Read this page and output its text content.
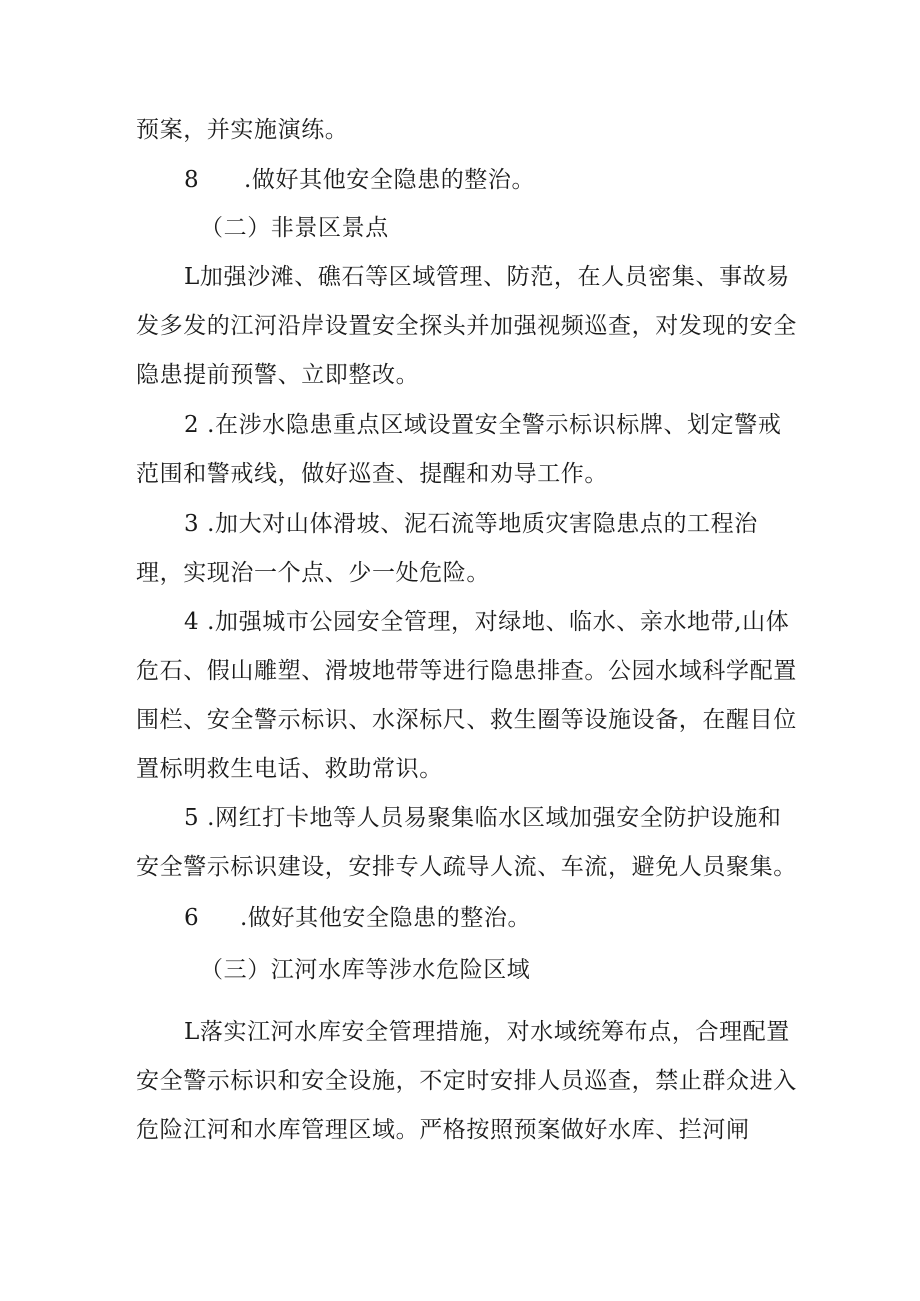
预案，并实施演练。
8 .做好其他安全隐患的整治。
（二）非景区景点
L加强沙滩、礁石等区域管理、防范，在人员密集、事故易
发多发的江河沿岸设置安全探头并加强视频巡查，对发现的安全
隐患提前预警、立即整改。
2 .在涉水隐患重点区域设置安全警示标识标牌、划定警戒
范围和警戒线，做好巡查、提醒和劝导工作。
3 .加大对山体滑坡、泥石流等地质灾害隐患点的工程治
理，实现治一个点、少一处危险。
4 .加强城市公园安全管理，对绿地、临水、亲水地带,山体
危石、假山雕塑、滑坡地带等进行隐患排查。公园水域科学配置
围栏、安全警示标识、水深标尺、救生圈等设施设备，在醒目位
置标明救生电话、救助常识。
5 .网红打卡地等人员易聚集临水区域加强安全防护设施和
安全警示标识建设，安排专人疏导人流、车流，避免人员聚集。
6 .做好其他安全隐患的整治。
（三）江河水库等涉水危险区域
L落实江河水库安全管理措施，对水域统筹布点，合理配置
安全警示标识和安全设施，不定时安排人员巡查，禁止群众进入
危险江河和水库管理区域。严格按照预案做好水库、拦河闸
